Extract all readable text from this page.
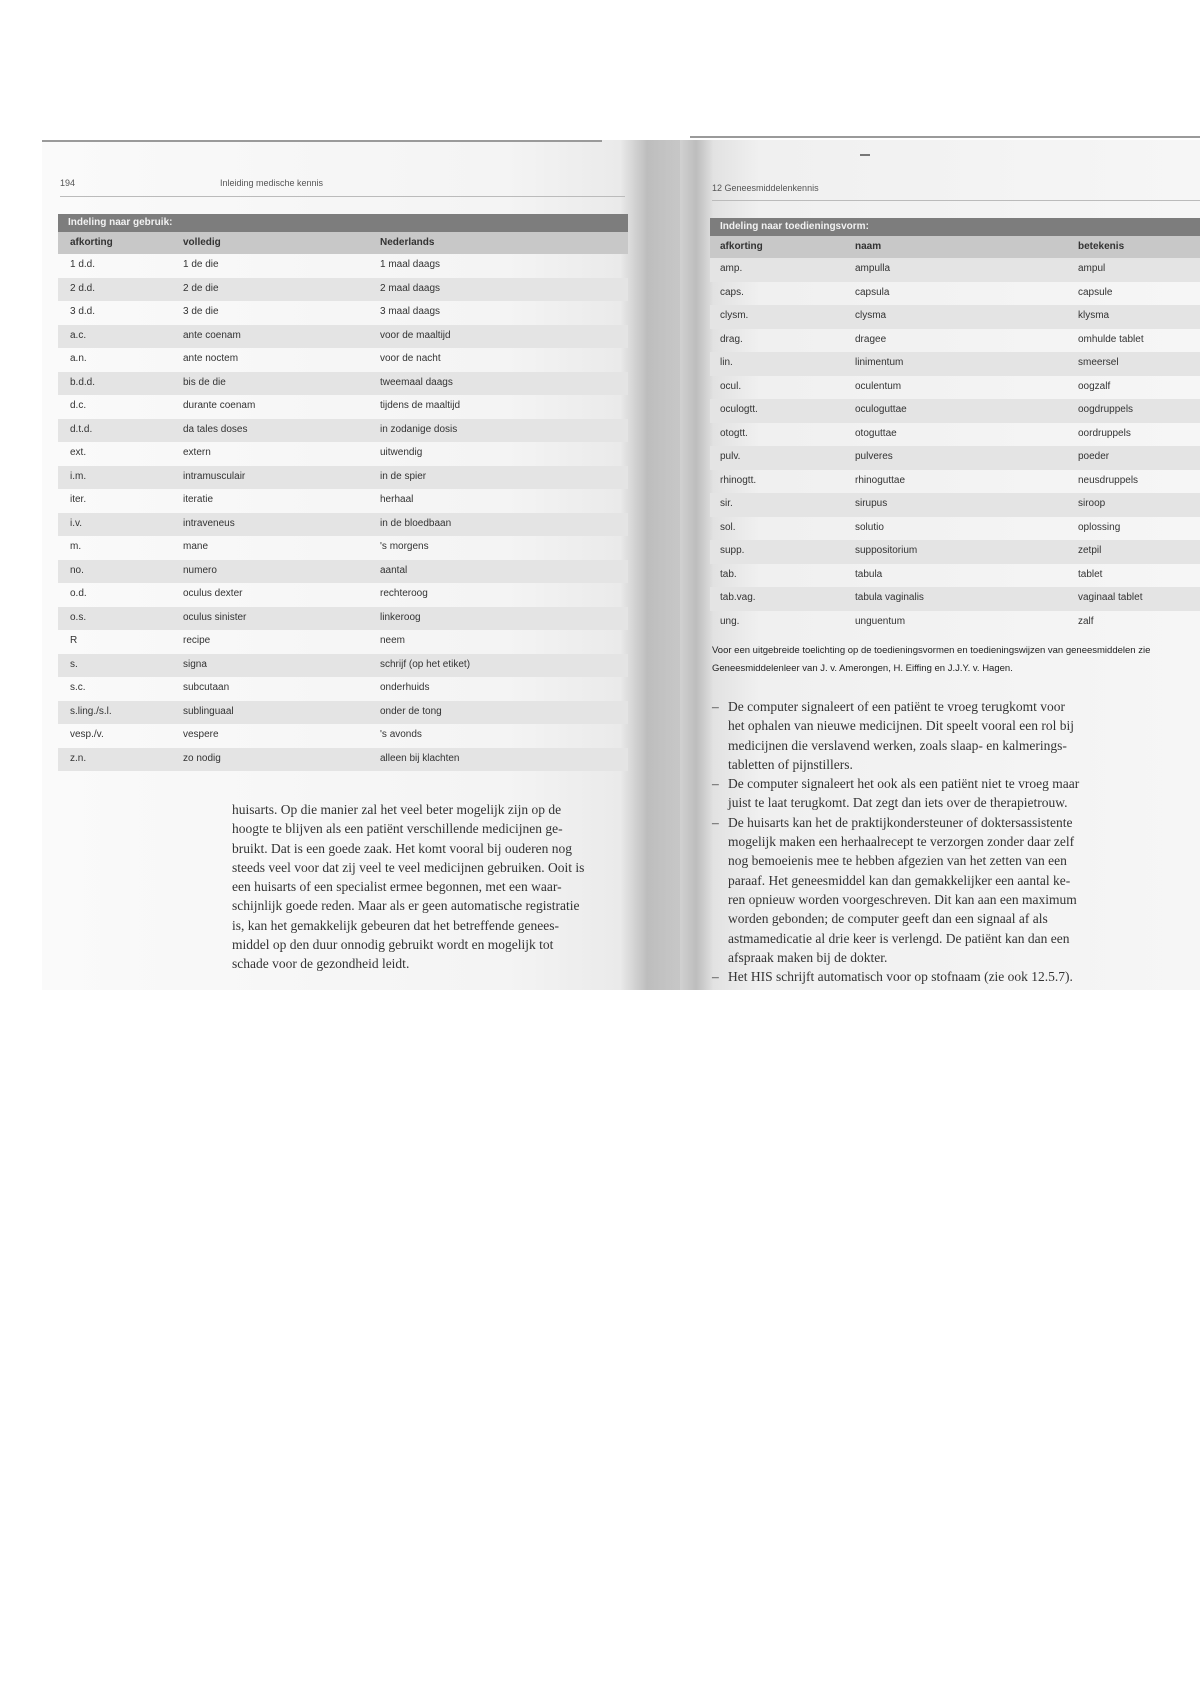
194	Inleiding medische kennis
Indeling naar gebruik:
afkorting	volledig	Nederlands
1 d.d.	1 de die	1 maal daags
2 d.d.	2 de die	2 maal daags
3 d.d.	3 de die	3 maal daags
a.c.	ante coenam	voor de maaltijd
a.n.	ante noctem	voor de nacht
b.d.d.	bis de die	tweemaal daags
d.c.	durante coenam	tijdens de maaltijd
d.t.d.	da tales doses	in zodanige dosis
ext.	extern	uitwendig
i.m.	intramusculair	in de spier
iter.	iteratie	herhaal
i.v.	intraveneus	in de bloedbaan
m.	mane	's morgens
no.	numero	aantal
o.d.	oculus dexter	rechteroog
o.s.	oculus sinister	linkeroog
R	recipe	neem
s.	signa	schrijf (op het etiket)
s.c.	subcutaan	onderhuids
s.ling./s.l.	sublinguaal	onder de tong
vesp./v.	vespere	's avonds
z.n.	zo nodig	alleen bij klachten
huisarts. Op die manier zal het veel beter mogelijk zijn op de
hoogte te blijven als een patiënt verschillende medicijnen ge-
bruikt. Dat is een goede zaak. Het komt vooral bij ouderen nog
steeds veel voor dat zij veel te veel medicijnen gebruiken. Ooit is
een huisarts of een specialist ermee begonnen, met een waar-
schijnlijk goede reden. Maar als er geen automatische registratie
is, kan het gemakkelijk gebeuren dat het betreffende genees-
middel op den duur onnodig gebruikt wordt en mogelijk tot
schade voor de gezondheid leidt.
12 Geneesmiddelenkennis
Indeling naar toedieningsvorm:
afkorting	naam	betekenis
amp.	ampulla	ampul
caps.	capsula	capsule
clysm.	clysma	klysma
drag.	dragee	omhulde tablet
lin.	linimentum	smeersel
ocul.	oculentum	oogzalf
oculogtt.	oculoguttae	oogdruppels
otogtt.	otoguttae	oordruppels
pulv.	pulveres	poeder
rhinogtt.	rhinoguttae	neusdruppels
sir.	sirupus	siroop
sol.	solutio	oplossing
supp.	suppositorium	zetpil
tab.	tabula	tablet
tab.vag.	tabula vaginalis	vaginaal tablet
ung.	unguentum	zalf
Voor een uitgebreide toelichting op de toedieningsvormen en toedieningswijzen van geneesmiddelen zie
Geneesmiddelenleer van J. v. Amerongen, H. Eiffing en J.J.Y. v. Hagen.
– De computer signaleert of een patiënt te vroeg terugkomt voor
het ophalen van nieuwe medicijnen. Dit speelt vooral een rol bij
medicijnen die verslavend werken, zoals slaap- en kalmerings-
tabletten of pijnstillers.
– De computer signaleert het ook als een patiënt niet te vroeg maar
juist te laat terugkomt. Dat zegt dan iets over de therapietrouw.
– De huisarts kan het de praktijkondersteuner of doktersassistente
mogelijk maken een herhaalrecept te verzorgen zonder daar zelf
nog bemoeienis mee te hebben afgezien van het zetten van een
paraaf. Het geneesmiddel kan dan gemakkelijker een aantal ke-
ren opnieuw worden voorgeschreven. Dit kan aan een maximum
worden gebonden; de computer geeft dan een signaal af als
astmamedicatie al drie keer is verlengd. De patiënt kan dan een
afspraak maken bij de dokter.
– Het HIS schrijft automatisch voor op stofnaam (zie ook 12.5.7).
